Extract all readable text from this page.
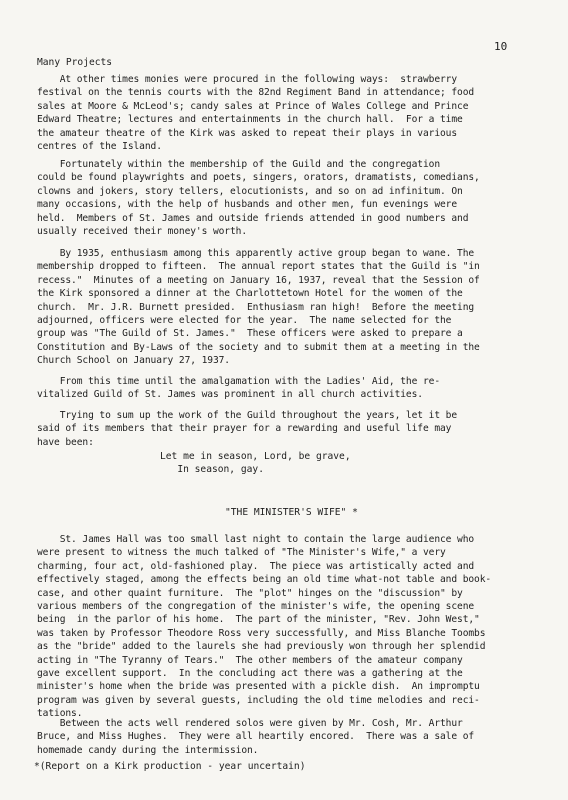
10
Many Projects

At other times monies were procured in the following ways:  strawberry
festival on the tennis courts with the 82nd Regiment Band in attendance; food
sales at Moore & McLeod's; candy sales at Prince of Wales College and Prince
Edward Theatre; lectures and entertainments in the church hall.  For a time
the amateur theatre of the Kirk was asked to repeat their plays in various
centres of the Island.

Fortunately within the membership of the Guild and the congregation
could be found playwrights and poets, singers, orators, dramatists, comedians,
clowns and jokers, story tellers, elocutionists, and so on ad infinitum. On
many occasions, with the help of husbands and other men, fun evenings were
held.  Members of St. James and outside friends attended in good numbers and
usually received their money's worth.

By 1935, enthusiasm among this apparently active group began to wane. The
membership dropped to fifteen.  The annual report states that the Guild is "in
recess."  Minutes of a meeting on January 16, 1937, reveal that the Session of
the Kirk sponsored a dinner at the Charlottetown Hotel for the women of the
church.  Mr. J.R. Burnett presided.  Enthusiasm ran high!  Before the meeting
adjourned, officers were elected for the year.  The name selected for the
group was "The Guild of St. James."  These officers were asked to prepare a
Constitution and By-Laws of the society and to submit them at a meeting in the
Church School on January 27, 1937.

From this time until the amalgamation with the Ladies' Aid, the re-
vitalized Guild of St. James was prominent in all church activities.

Trying to sum up the work of the Guild throughout the years, let it be
said of its members that their prayer for a rewarding and useful life may
have been:

Let me in season, Lord, be grave,
In season, gay.

"THE MINISTER'S WIFE" *

St. James Hall was too small last night to contain the large audience who
were present to witness the much talked of "The Minister's Wife," a very
charming, four act, old-fashioned play.  The piece was artistically acted and
effectively staged, among the effects being an old time what-not table and book-
case, and other quaint furniture.  The "plot" hinges on the "discussion" by
various members of the congregation of the minister's wife, the opening scene
being  in the parlor of his home.  The part of the minister, "Rev. John West,"
was taken by Professor Theodore Ross very successfully, and Miss Blanche Toombs
as the "bride" added to the laurels she had previously won through her splendid
acting in "The Tyranny of Tears."  The other members of the amateur company
gave excellent support.  In the concluding act there was a gathering at the
minister's home when the bride was presented with a pickle dish.  An impromptu
program was given by several guests, including the old time melodies and reci-
tations.

Between the acts well rendered solos were given by Mr. Cosh, Mr. Arthur
Bruce, and Miss Hughes.  They were all heartily encored.  There was a sale of
homemade candy during the intermission.

*(Report on a Kirk production - year uncertain)
